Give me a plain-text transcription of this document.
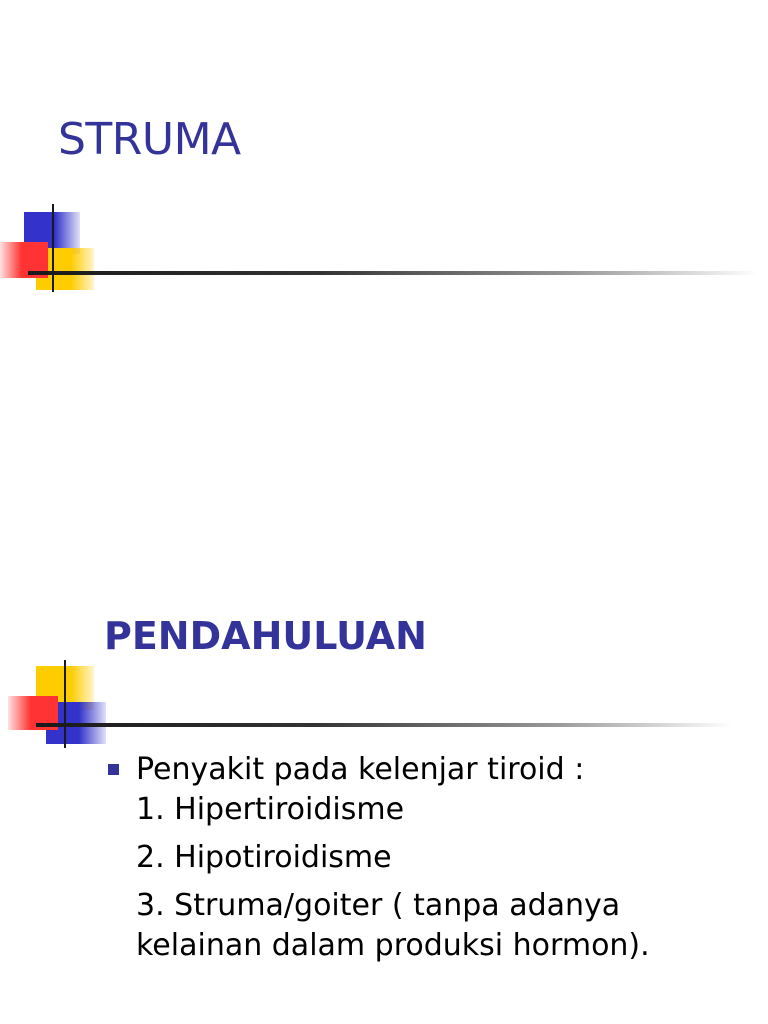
STRUMA
PENDAHULUAN
Penyakit pada kelenjar tiroid :
1. Hipertiroidisme
2. Hipotiroidisme
3. Struma/goiter ( tanpa adanya kelainan dalam produksi hormon).
